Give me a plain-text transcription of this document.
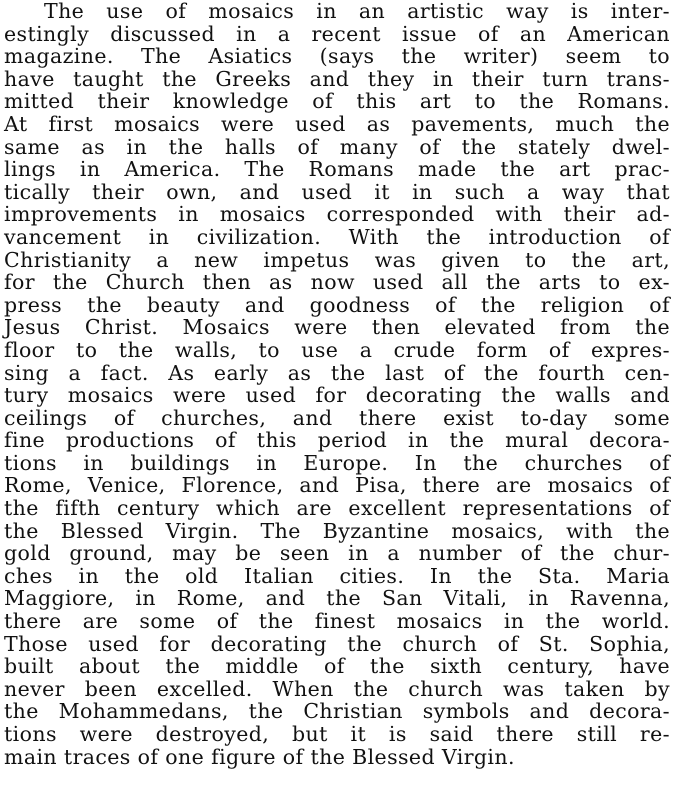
The use of mosaics in an artistic way is inter-
estingly discussed in a recent issue of an American
magazine. The Asiatics (says the writer) seem to
have taught the Greeks and they in their turn trans-
mitted their knowledge of this art to the Romans.
At first mosaics were used as pavements, much the
same as in the halls of many of the stately dwel-
lings in America. The Romans made the art prac-
tically their own, and used it in such a way that
improvements in mosaics corresponded with their ad-
vancement in civilization. With the introduction of
Christianity a new impetus was given to the art,
for the Church then as now used all the arts to ex-
press the beauty and goodness of the religion of
Jesus Christ. Mosaics were then elevated from the
floor to the walls, to use a crude form of expres-
sing a fact. As early as the last of the fourth cen-
tury mosaics were used for decorating the walls and
ceilings of churches, and there exist to-day some
fine productions of this period in the mural decora-
tions in buildings in Europe. In the churches of
Rome, Venice, Florence, and Pisa, there are mosaics of
the fifth century which are excellent representations of
the Blessed Virgin. The Byzantine mosaics, with the
gold ground, may be seen in a number of the chur-
ches in the old Italian cities. In the Sta. Maria
Maggiore, in Rome, and the San Vitali, in Ravenna,
there are some of the finest mosaics in the world.
Those used for decorating the church of St. Sophia,
built about the middle of the sixth century, have
never been excelled. When the church was taken by
the Mohammedans, the Christian symbols and decora-
tions were destroyed, but it is said there still re-
main traces of one figure of the Blessed Virgin.
